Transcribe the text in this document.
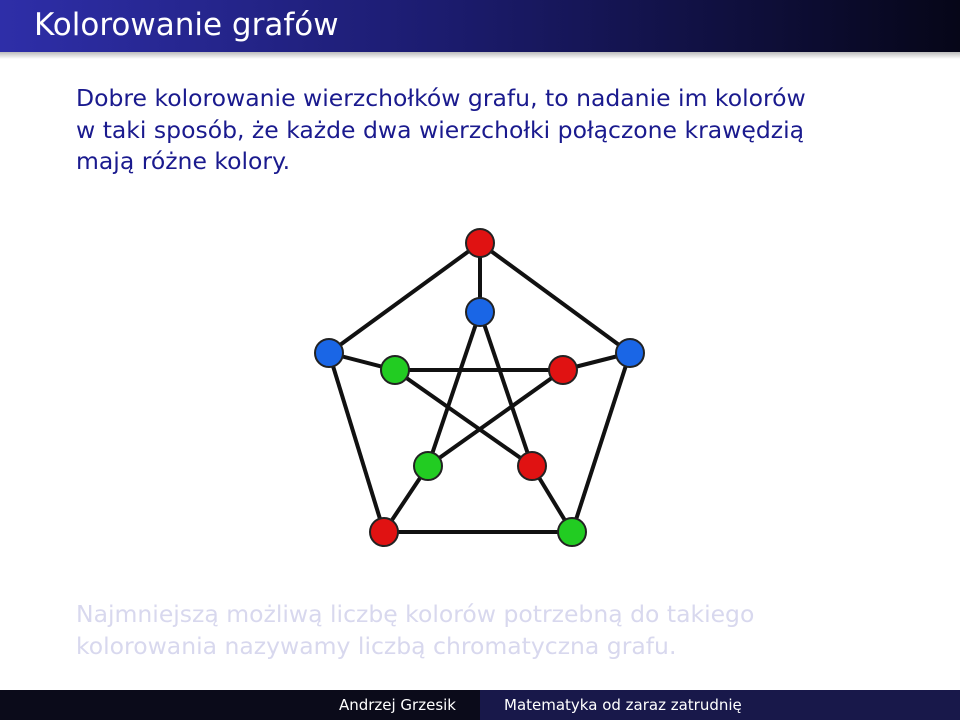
Kolorowanie grafów

Dobre kolorowanie wierzchołków grafu, to nadanie im kolorów
w taki sposób, że każde dwa wierzchołki połączone krawędzią
mają różne kolory.

Najmniejszą możliwą liczbę kolorów potrzebną do takiego
kolorowania nazywamy liczbą chromatyczna grafu.

Andrzej Grzesik	Matematyka od zaraz zatrudnię
